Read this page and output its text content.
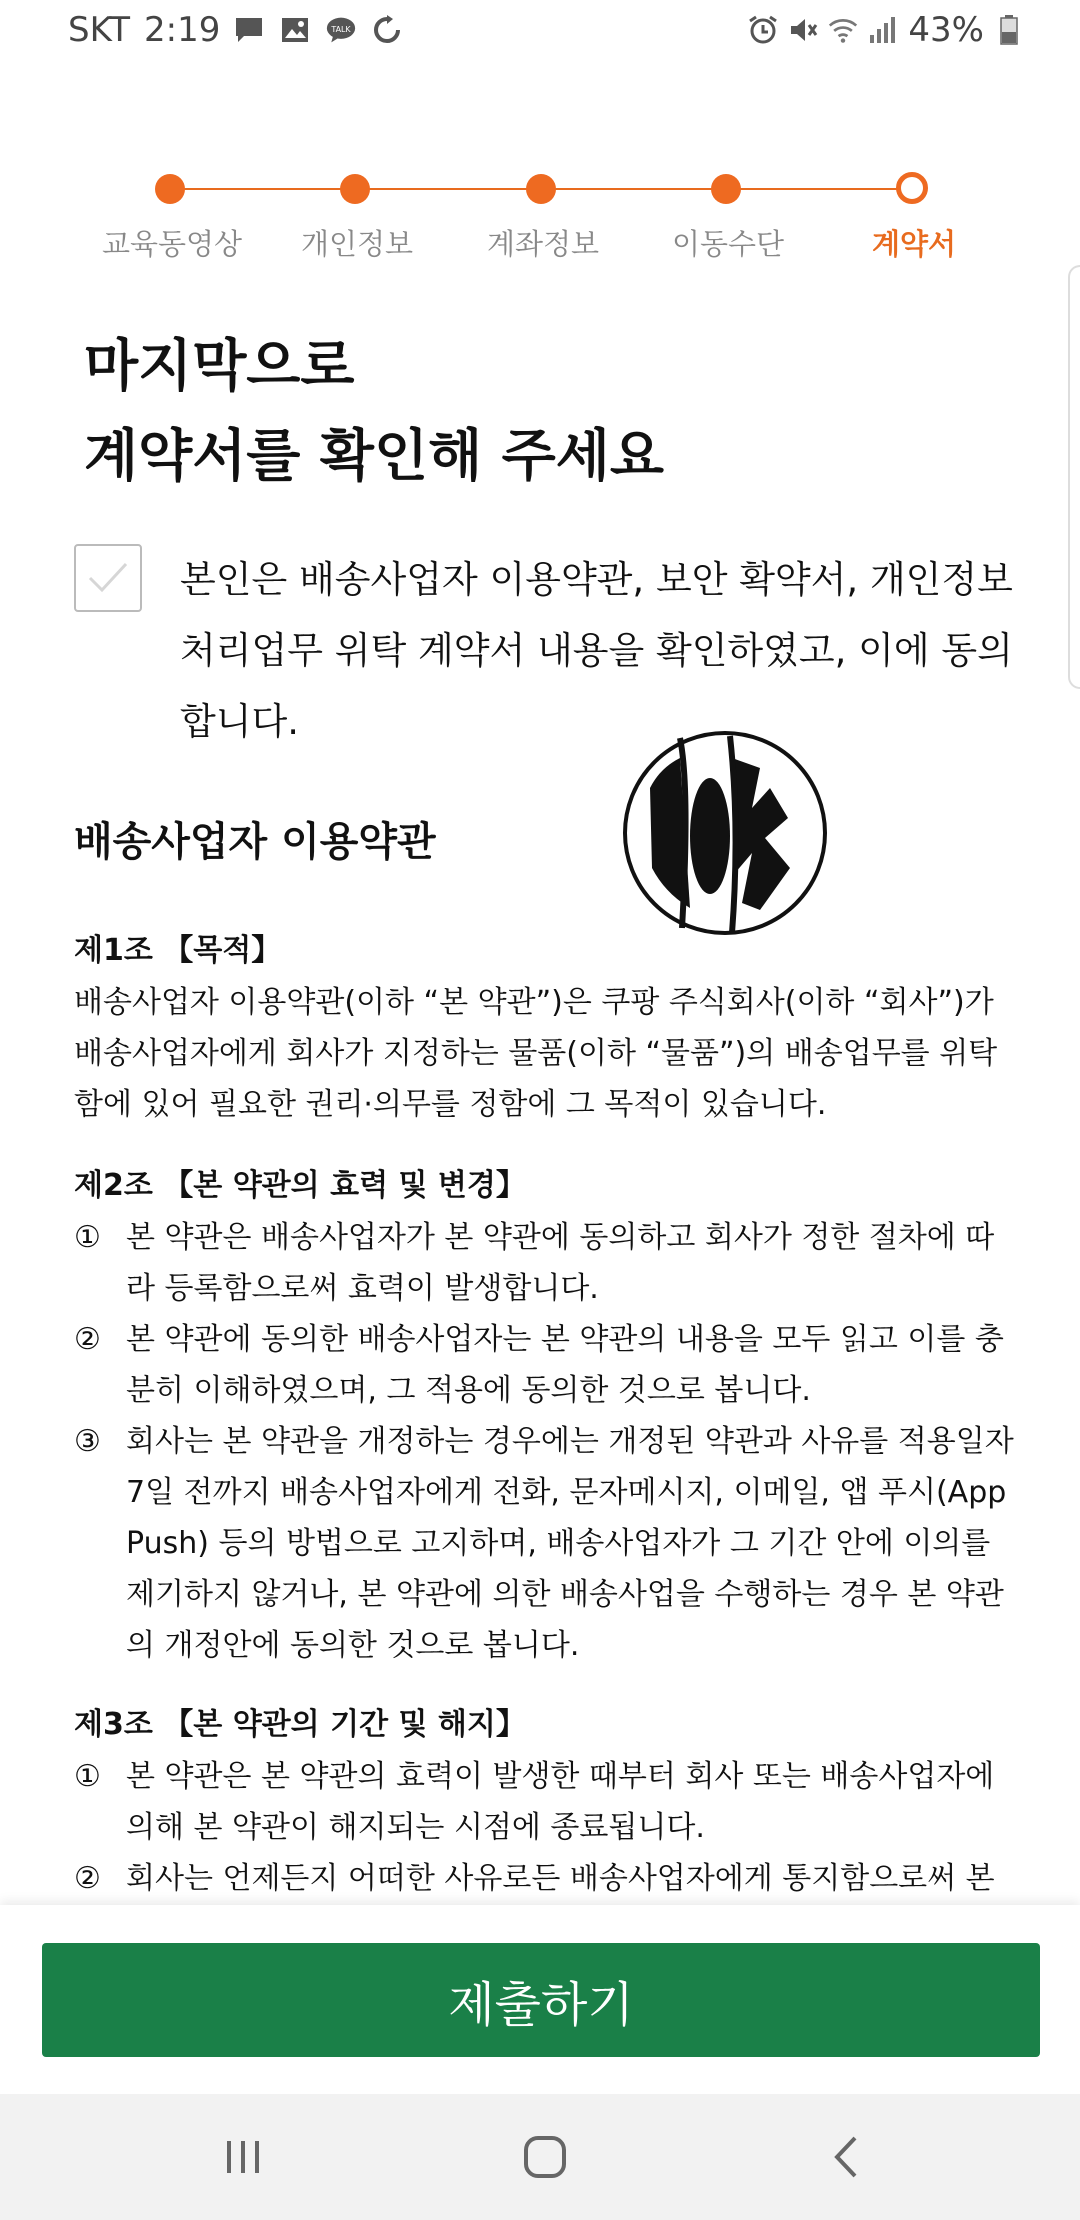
SKT 2:19	TALK	43%
교육동영상	개인정보	계좌정보	이동수단	계약서
마지막으로
계약서를 확인해 주세요
본인은 배송사업자 이용약관, 보안 확약서, 개인정보 처리업무 위탁 계약서 내용을 확인하였고, 이에 동의합니다.
배송사업자 이용약관
제1조 【목적】
배송사업자 이용약관(이하 “본 약관”)은 쿠팡 주식회사(이하 “회사”)가 배송사업자에게 회사가 지정하는 물품(이하 “물품”)의 배송업무를 위탁함에 있어 필요한 권리·의무를 정함에 그 목적이 있습니다.
제2조 【본 약관의 효력 및 변경】
① 본 약관은 배송사업자가 본 약관에 동의하고 회사가 정한 절차에 따라 등록함으로써 효력이 발생합니다.
② 본 약관에 동의한 배송사업자는 본 약관의 내용을 모두 읽고 이를 충분히 이해하였으며, 그 적용에 동의한 것으로 봅니다.
③ 회사는 본 약관을 개정하는 경우에는 개정된 약관과 사유를 적용일자 7일 전까지 배송사업자에게 전화, 문자메시지, 이메일, 앱 푸시(App Push) 등의 방법으로 고지하며, 배송사업자가 그 기간 안에 이의를 제기하지 않거나, 본 약관에 의한 배송사업을 수행하는 경우 본 약관의 개정안에 동의한 것으로 봅니다.
제3조 【본 약관의 기간 및 해지】
① 본 약관은 본 약관의 효력이 발생한 때부터 회사 또는 배송사업자에 의해 본 약관이 해지되는 시점에 종료됩니다.
② 회사는 언제든지 어떠한 사유로든 배송사업자에게 통지함으로써 본
제출하기
